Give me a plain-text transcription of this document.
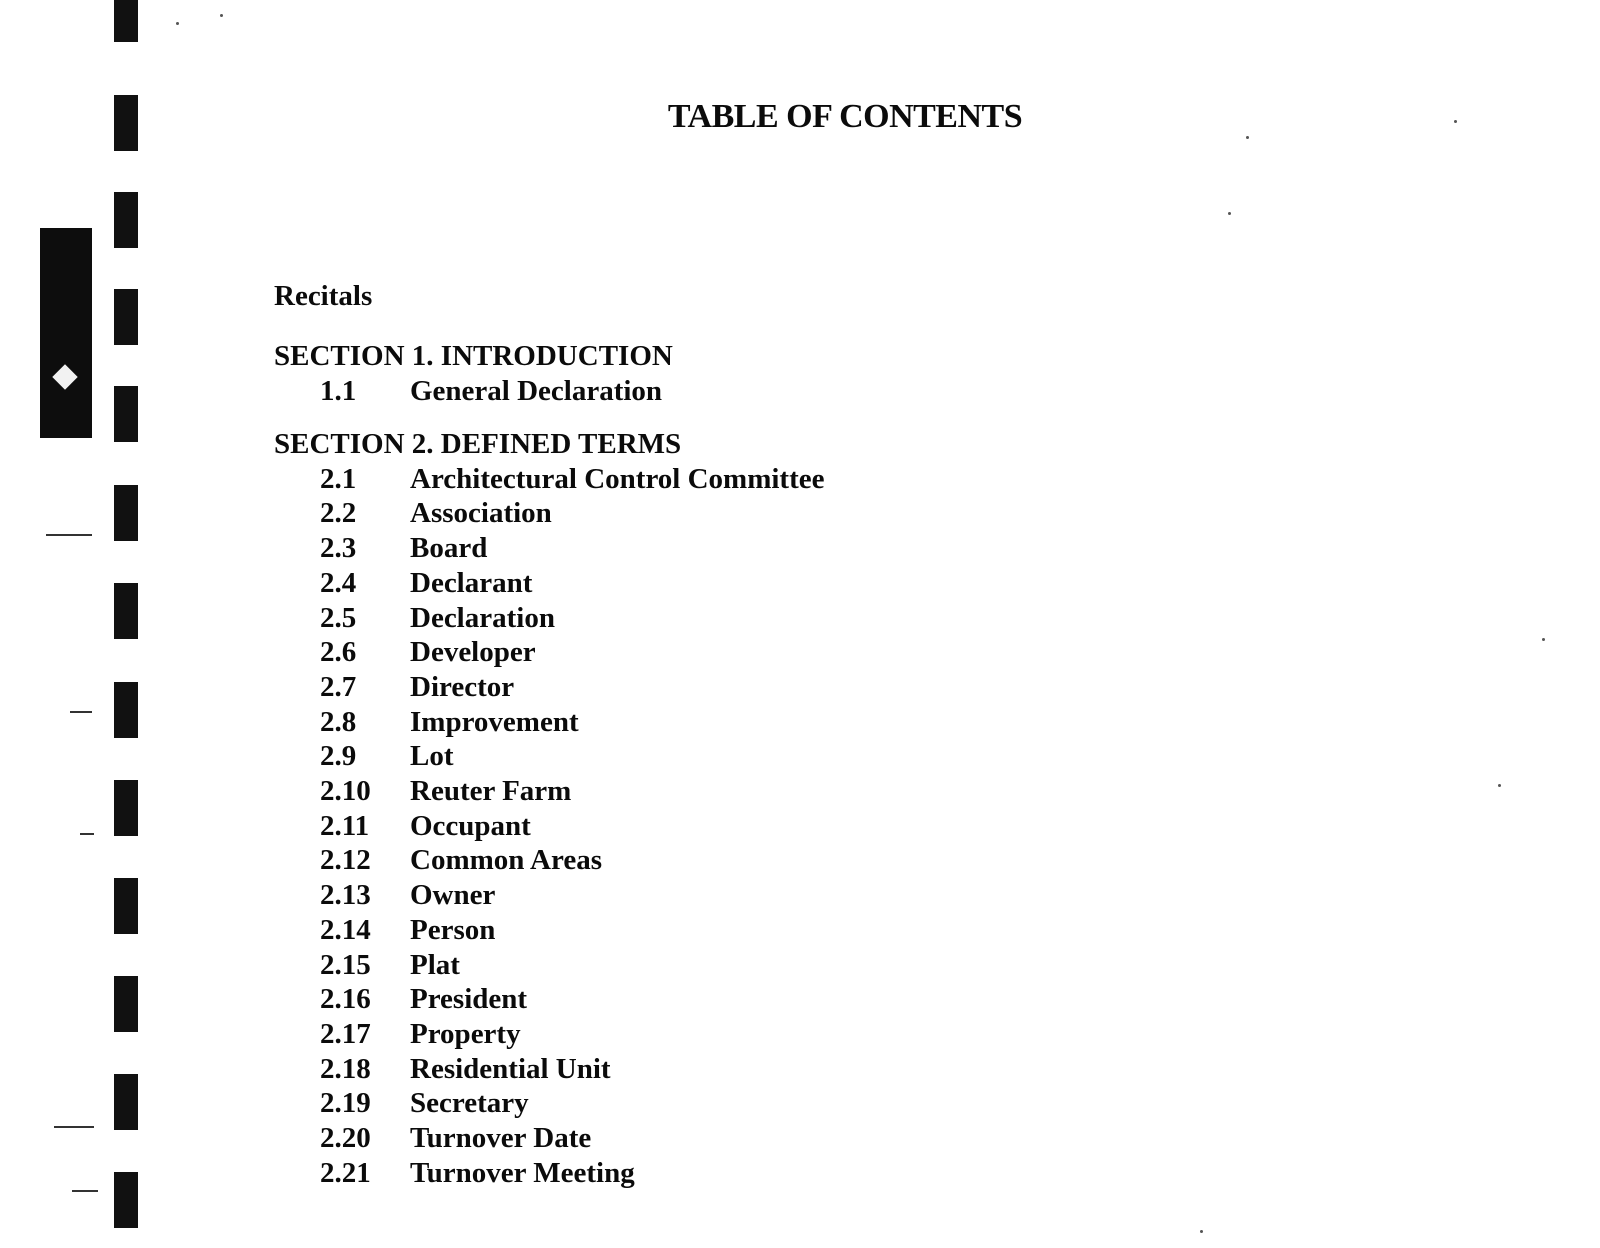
TABLE OF CONTENTS
Recitals
SECTION 1. INTRODUCTION
1.1	General Declaration
SECTION 2. DEFINED TERMS
2.1	Architectural Control Committee
2.2	Association
2.3	Board
2.4	Declarant
2.5	Declaration
2.6	Developer
2.7	Director
2.8	Improvement
2.9	Lot
2.10	Reuter Farm
2.11	Occupant
2.12	Common Areas
2.13	Owner
2.14	Person
2.15	Plat
2.16	President
2.17	Property
2.18	Residential Unit
2.19	Secretary
2.20	Turnover Date
2.21	Turnover Meeting
